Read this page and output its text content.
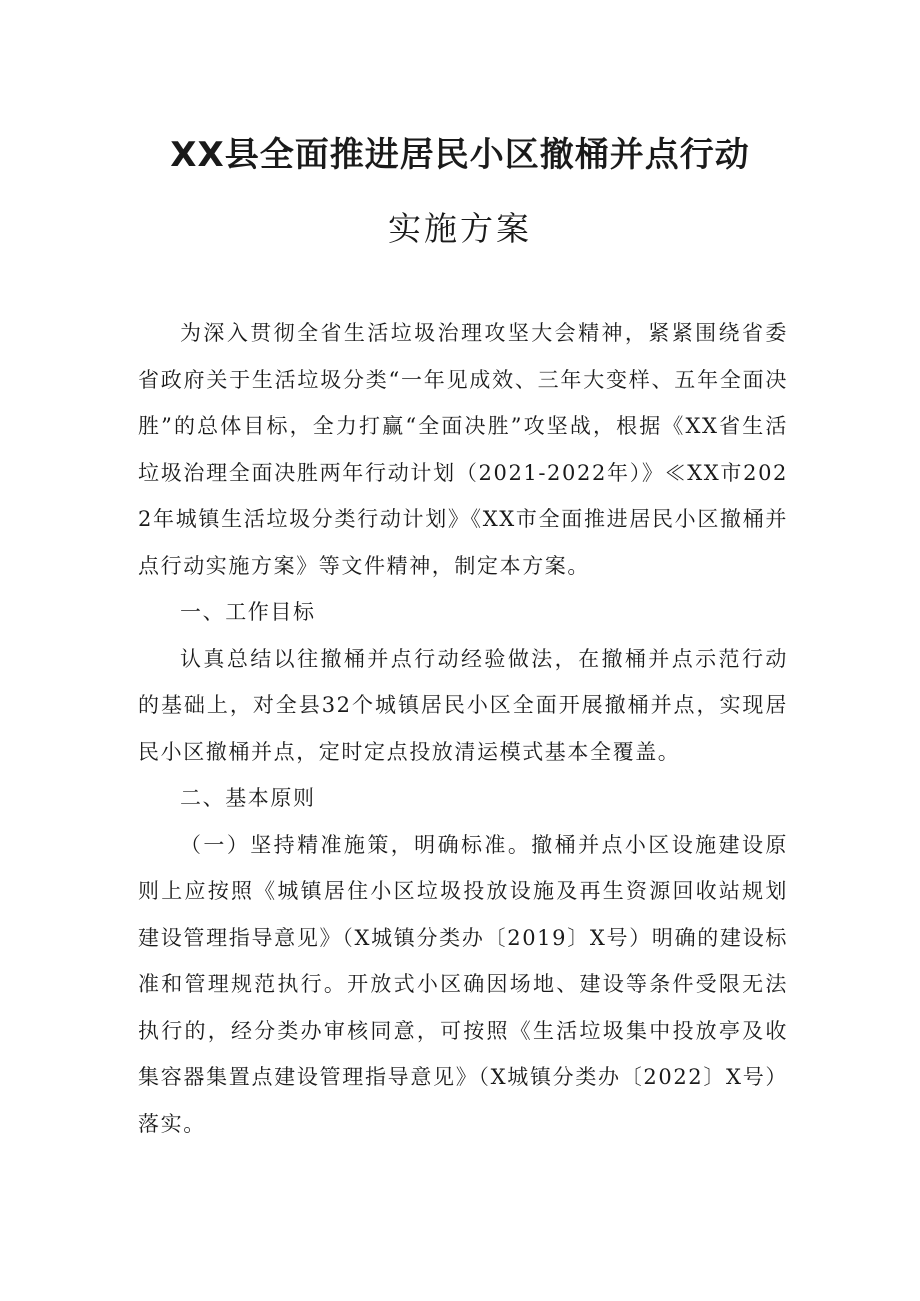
XX县全面推进居民小区撤桶并点行动
实施方案

为深入贯彻全省生活垃圾治理攻坚大会精神，紧紧围绕省委省政府关于生活垃圾分类“一年见成效、三年大变样、五年全面决胜”的总体目标，全力打赢“全面决胜”攻坚战，根据《XX省生活垃圾治理全面决胜两年行动计划（2021-2022年）》≪XX市2022年城镇生活垃圾分类行动计划》《XX市全面推进居民小区撤桶并点行动实施方案》等文件精神，制定本方案。

一、工作目标

认真总结以往撤桶并点行动经验做法，在撤桶并点示范行动的基础上，对全县32个城镇居民小区全面开展撤桶并点，实现居民小区撤桶并点，定时定点投放清运模式基本全覆盖。

二、基本原则

（一）坚持精准施策，明确标准。撤桶并点小区设施建设原则上应按照《城镇居住小区垃圾投放设施及再生资源回收站规划建设管理指导意见》（X城镇分类办〔2019〕X号）明确的建设标准和管理规范执行。开放式小区确因场地、建设等条件受限无法执行的，经分类办审核同意，可按照《生活垃圾集中投放亭及收集容器集置点建设管理指导意见》（X城镇分类办〔2022〕X号）落实。
